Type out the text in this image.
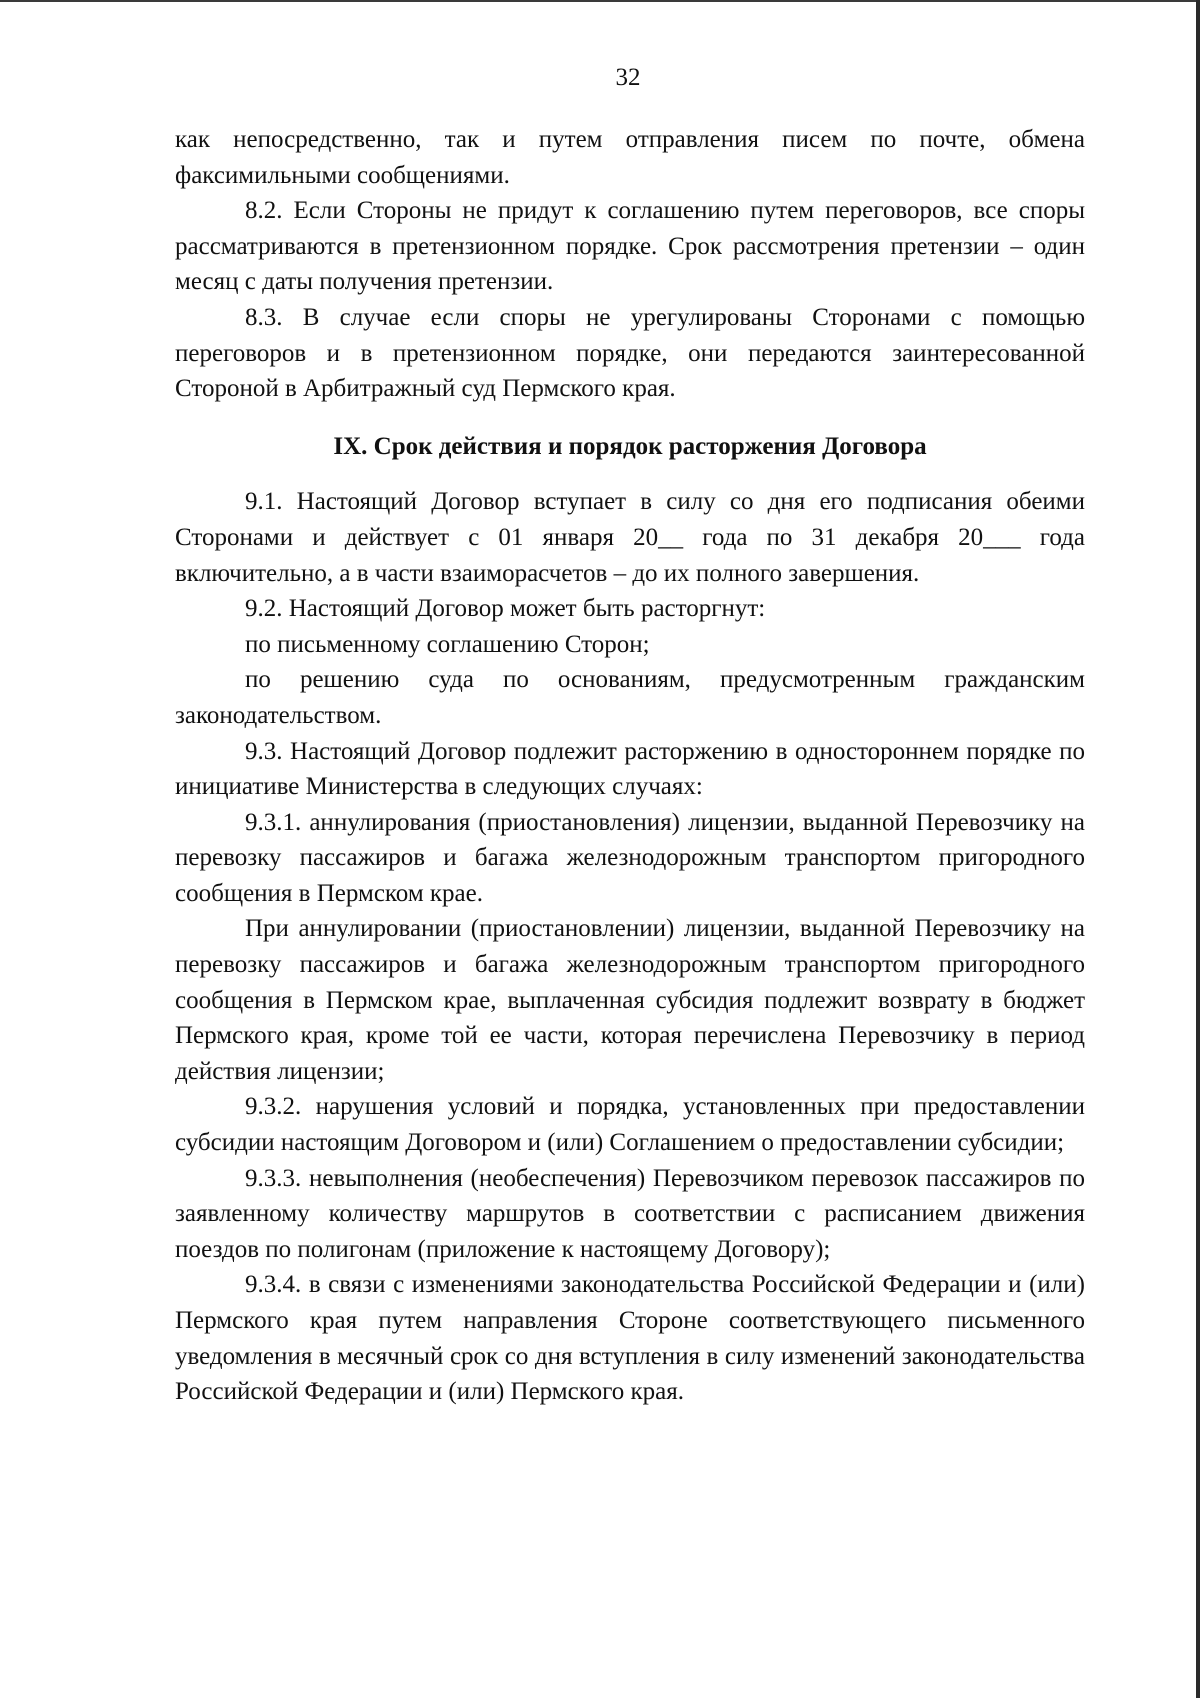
32

как непосредственно, так и путем отправления писем по почте, обмена факсимильными сообщениями.

8.2. Если Стороны не придут к соглашению путем переговоров, все споры рассматриваются в претензионном порядке. Срок рассмотрения претензии – один месяц с даты получения претензии.

8.3. В случае если споры не урегулированы Сторонами с помощью переговоров и в претензионном порядке, они передаются заинтересованной Стороной в Арбитражный суд Пермского края.

IX. Срок действия и порядок расторжения Договора

9.1. Настоящий Договор вступает в силу со дня его подписания обеими Сторонами и действует с 01 января 20__ года по 31 декабря 20___ года включительно, а в части взаиморасчетов – до их полного завершения.

9.2. Настоящий Договор может быть расторгнут:

по письменному соглашению Сторон;

по решению суда по основаниям, предусмотренным гражданским законодательством.

9.3. Настоящий Договор подлежит расторжению в одностороннем порядке по инициативе Министерства в следующих случаях:

9.3.1. аннулирования (приостановления) лицензии, выданной Перевозчику на перевозку пассажиров и багажа железнодорожным транспортом пригородного сообщения в Пермском крае.

При аннулировании (приостановлении) лицензии, выданной Перевозчику на перевозку пассажиров и багажа железнодорожным транспортом пригородного сообщения в Пермском крае, выплаченная субсидия подлежит возврату в бюджет Пермского края, кроме той ее части, которая перечислена Перевозчику в период действия лицензии;

9.3.2. нарушения условий и порядка, установленных при предоставлении субсидии настоящим Договором и (или) Соглашением о предоставлении субсидии;

9.3.3. невыполнения (необеспечения) Перевозчиком перевозок пассажиров по заявленному количеству маршрутов в соответствии с расписанием движения поездов по полигонам (приложение к настоящему Договору);

9.3.4. в связи с изменениями законодательства Российской Федерации и (или) Пермского края путем направления Стороне соответствующего письменного уведомления в месячный срок со дня вступления в силу изменений законодательства Российской Федерации и (или) Пермского края.
